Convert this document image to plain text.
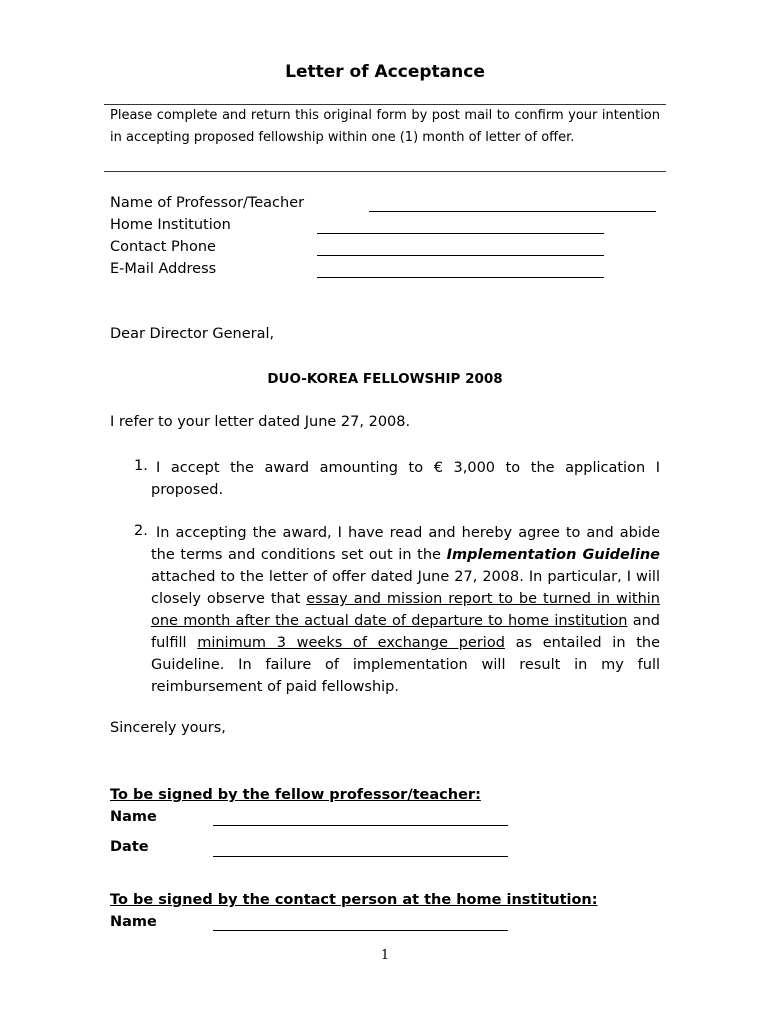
Letter of Acceptance
Please complete and return this original form by post mail to confirm your intention in accepting proposed fellowship within one (1) month of letter of offer.
Name of Professor/Teacher
Home Institution
Contact Phone
E-Mail Address
Dear Director General,
DUO-KOREA FELLOWSHIP 2008
I refer to your letter dated June 27, 2008.
1. I accept the award amounting to € 3,000 to the application I proposed.
2. In accepting the award, I have read and hereby agree to and abide the terms and conditions set out in the Implementation Guideline attached to the letter of offer dated June 27, 2008. In particular, I will closely observe that essay and mission report to be turned in within one month after the actual date of departure to home institution and fulfill minimum 3 weeks of exchange period as entailed in the Guideline. In failure of implementation will result in my full reimbursement of paid fellowship.
Sincerely yours,
To be signed by the fellow professor/teacher:
Name
Date
To be signed by the contact person at the home institution:
Name
1
